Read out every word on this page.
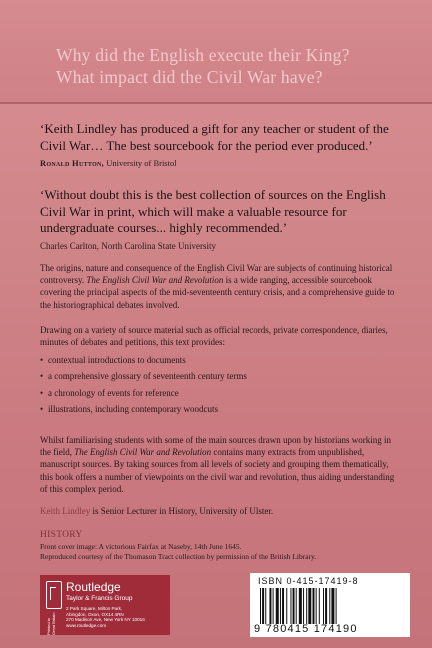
Why did the English execute their King?
What impact did the Civil War have?
‘Keith Lindley has produced a gift for any teacher or student of the Civil War… The best sourcebook for the period ever produced.’
Ronald Hutton, University of Bristol
‘Without doubt this is the best collection of sources on the English Civil War in print, which will make a valuable resource for undergraduate courses... highly recommended.’
Charles Carlton, North Carolina State University
The origins, nature and consequence of the English Civil War are subjects of continuing historical controversy. The English Civil War and Revolution is a wide ranging, accessible sourcebook covering the principal aspects of the mid-seventeenth century crisis, and a comprehensive guide to the historiographical debates involved.
Drawing on a variety of source material such as official records, private correspondence, diaries, minutes of debates and petitions, this text provides:
• contextual introductions to documents
• a comprehensive glossary of seventeenth century terms
• a chronology of events for reference
• illustrations, including contemporary woodcuts
Whilst familiarising students with some of the main sources drawn upon by historians working in the field, The English Civil War and Revolution contains many extracts from unpublished, manuscript sources. By taking sources from all levels of society and grouping them thematically, this book offers a number of viewpoints on the civil war and revolution, thus aiding understanding of this complex period.
Keith Lindley is Senior Lecturer in History, University of Ulster.
HISTORY
Front cover image: A victorious Fairfax at Naseby, 14th June 1645.
Reproduced courtesy of the Thomason Tract collection by permission of the British Library.
Routledge
Taylor & Francis Group
2 Park Square, Milton Park,
Abingdon, Oxon, OX14 4RN
270 Madison Ave, New York NY 10016
www.routledge.com
Printed in Great Britain
ISBN 0-415-17419-8
9 780415 174190
